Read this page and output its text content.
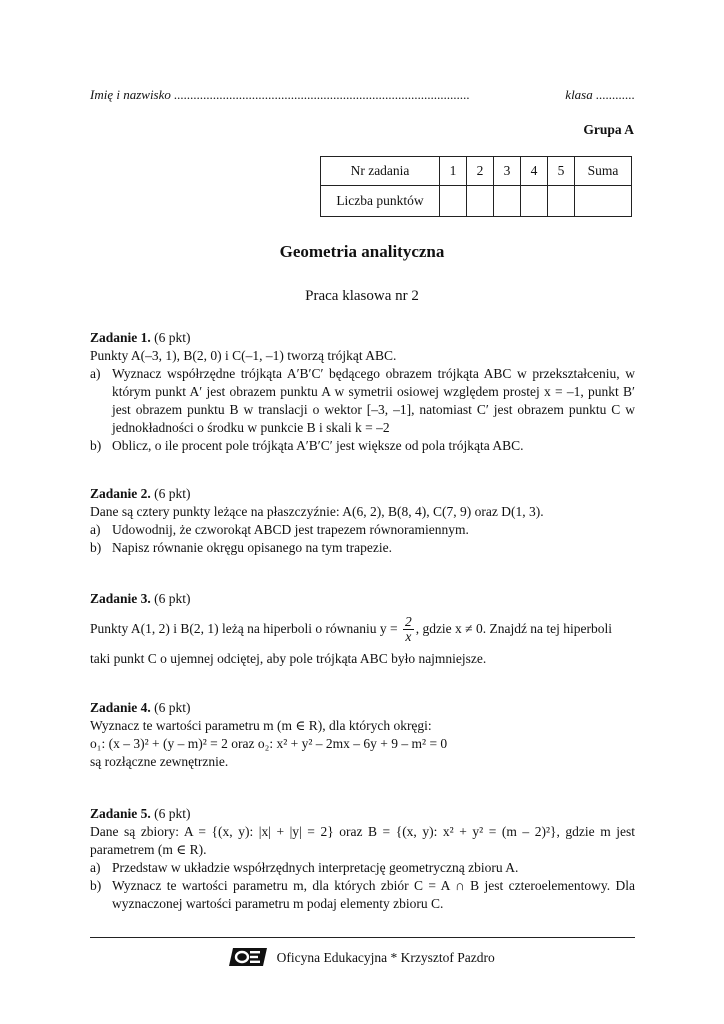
Imię i nazwisko ...........................................................................................	klasa ............
Grupa A
Nr zadania	1	2	3	4	5	Suma
Liczba punktów						
Geometria analityczna
Praca klasowa nr 2

Zadanie 1. (6 pkt)

Punkty A(–3, 1), B(2, 0) i C(–1, –1) tworzą trójkąt ABC.

a) Wyznacz współrzędne trójkąta A′B′C′ będącego obrazem trójkąta ABC w przekształceniu, w którym punkt A′ jest obrazem punktu A w symetrii osiowej względem prostej x = –1, punkt B′ jest obrazem punktu B w translacji o wektor [–3, –1], natomiast C′ jest obrazem punktu C w jednokładności o środku w punkcie B i skali k = –2
b) Oblicz, o ile procent pole trójkąta A′B′C′ jest większe od pola trójkąta ABC.

Zadanie 2. (6 pkt)

Dane są cztery punkty leżące na płaszczyźnie: A(6, 2), B(8, 4), C(7, 9) oraz D(1, 3).

a) Udowodnij, że czworokąt ABCD jest trapezem równoramiennym.
b) Napisz równanie okręgu opisanego na tym trapezie.

Zadanie 3. (6 pkt)

Punkty A(1, 2) i B(2, 1) leżą na hiperboli o równaniu $y = \frac{2}{x}$ , gdzie x ≠ 0. Znajdź na tej hiperboli

taki punkt C o ujemnej odciętej, aby pole trójkąta ABC było najmniejsze.

Zadanie 4. (6 pkt)

Wyznacz te wartości parametru m (m ∈ R), dla których okręgi:

o₁: (x – 3)² + (y – m)² = 2 oraz o₂: x² + y² – 2mx – 6y + 9 – m² = 0

są rozłączne zewnętrznie.

Zadanie 5. (6 pkt)

Dane są zbiory: A = {(x, y): |x| + |y| = 2} oraz B = {(x, y): x² + y² = (m – 2)²}, gdzie m jest parametrem (m ∈ R).

a) Przedstaw w układzie współrzędnych interpretację geometryczną zbioru A.
b) Wyznacz te wartości parametru m, dla których zbiór C = A ∩ B jest czteroelementowy. Dla wyznaczonej wartości parametru m podaj elementy zbioru C.
Oficyna Edukacyjna * Krzysztof Pazdro
